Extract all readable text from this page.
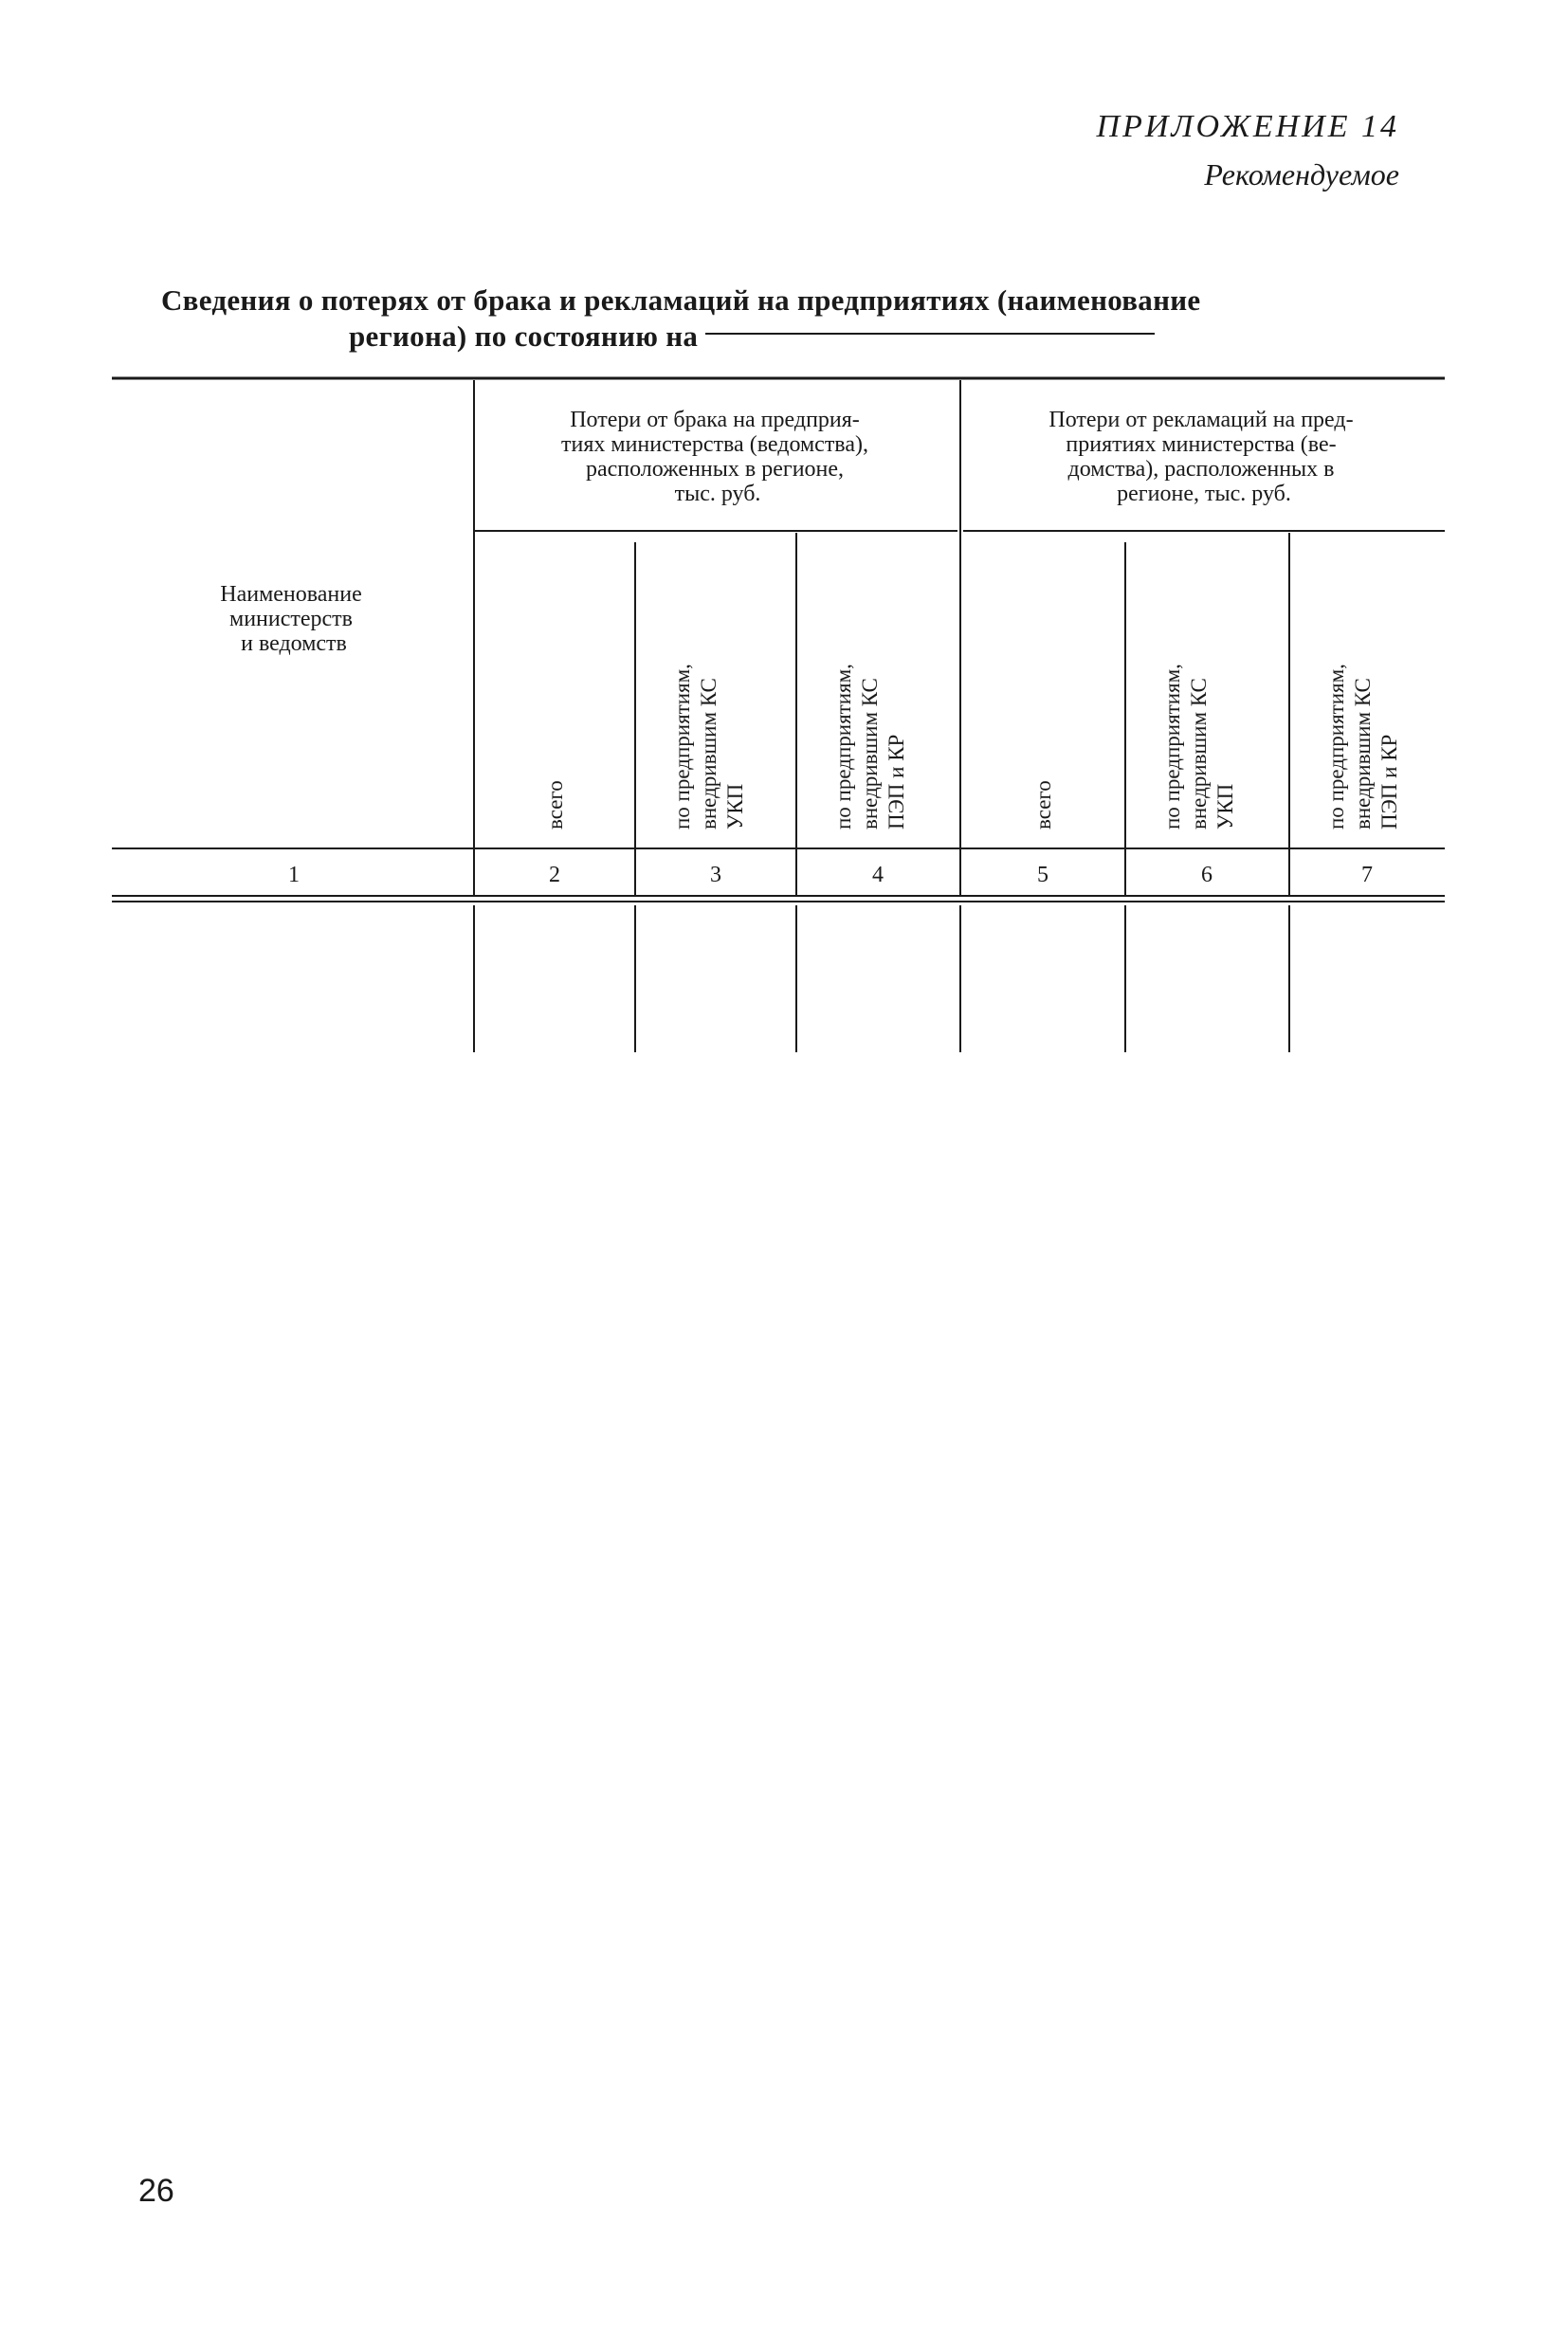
ПРИЛОЖЕНИЕ 14
Рекомендуемое
Сведения о потерях от брака и рекламаций на предприятиях (наименование
региона) по состоянию на
Наименование министерств и ведомств
Потери от брака на предприя- тиях министерства (ведомства), расположенных в регионе, тыс. руб.
Потери от рекламаций на пред- приятиях министерства (ве- домства), расположенных в регионе, тыс. руб.
всего	по предприятиям, внедрившим КС УКП	по предприятиям, внедрившим КС ПЭП и КР	всего	по предприятиям, внедрившим КС УКП	по предприятиям, внедрившим КС ПЭП и КР
1	2	3	4	5	6	7
26
